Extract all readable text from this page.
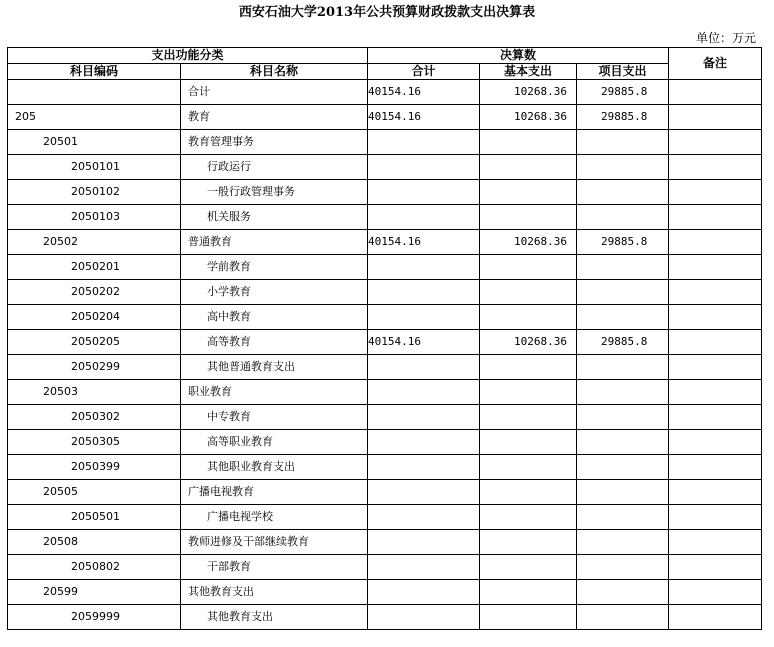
西安石油大学2013年公共预算财政拨款支出决算表
单位：万元
支出功能分类		决算数			备注
科目编码	科目名称	合计	基本支出	项目支出	
	合计	40154.16	10268.36	29885.8	
205	教育	40154.16	10268.36	29885.8	
20501	教育管理事务				
2050101	行政运行				
2050102	一般行政管理事务				
2050103	机关服务				
20502	普通教育	40154.16	10268.36	29885.8	
2050201	学前教育				
2050202	小学教育				
2050204	高中教育				
2050205	高等教育	40154.16	10268.36	29885.8	
2050299	其他普通教育支出				
20503	职业教育				
2050302	中专教育				
2050305	高等职业教育				
2050399	其他职业教育支出				
20505	广播电视教育				
2050501	广播电视学校				
20508	教师进修及干部继续教育				
2050802	干部教育				
20599	其他教育支出				
2059999	其他教育支出				
